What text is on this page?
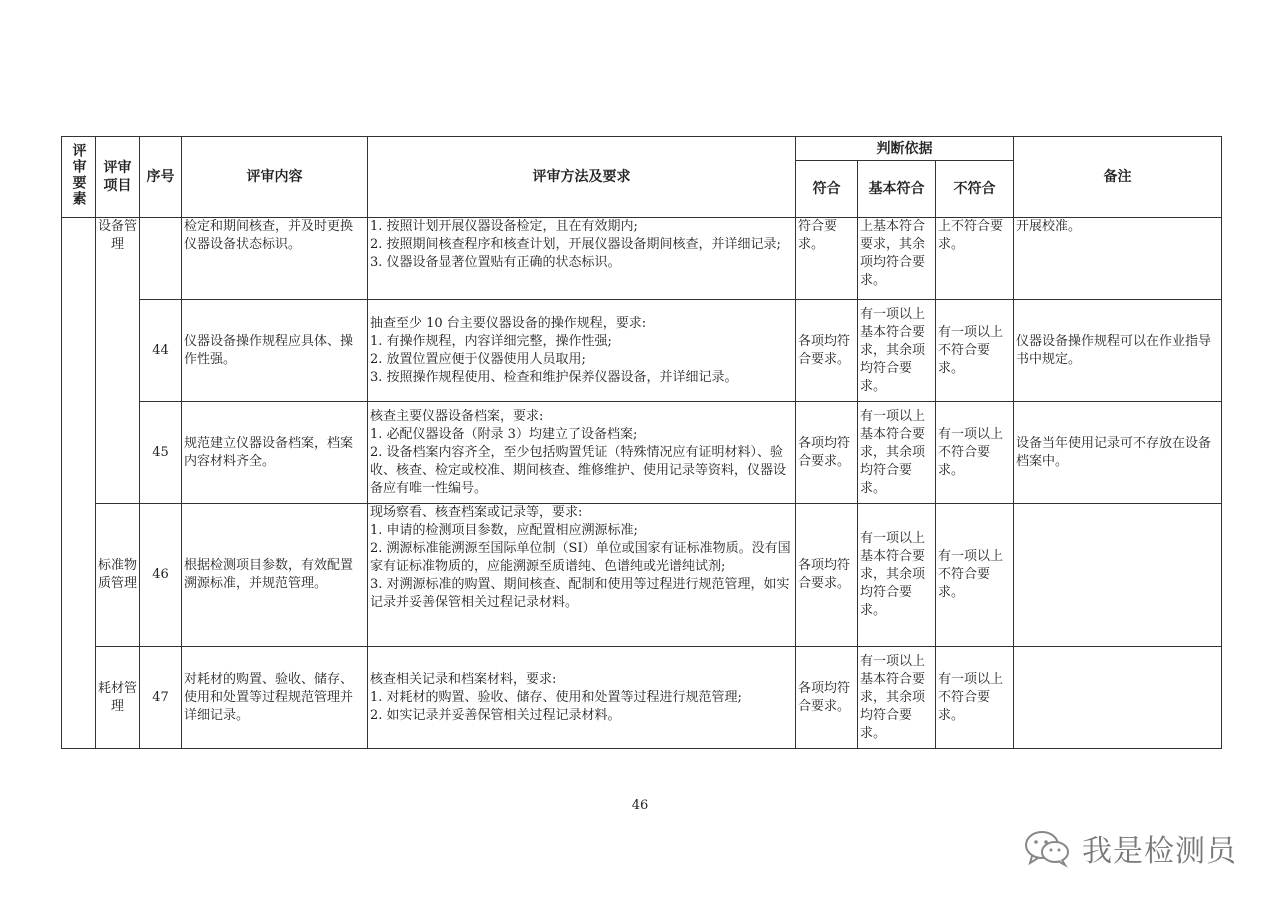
评审要素	评审项目	序号	评审内容	评审方法及要求	判断依据			备注
					符合	基本符合	不符合	
	设备管理		检定和期间核查，并及时更换仪器设备状态标识。	1. 按照计划开展仪器设备检定，且在有效期内;
2. 按照期间核查程序和核查计划，开展仪器设备期间核查，并详细记录;
3. 仪器设备显著位置贴有正确的状态标识。	符合要求。	上基本符合要求，其余项均符合要求。	上不符合要求。	开展校准。
		44	仪器设备操作规程应具体、操作性强。	抽查至少 10 台主要仪器设备的操作规程，要求:
1. 有操作规程，内容详细完整，操作性强;
2. 放置位置应便于仪器使用人员取用;
3. 按照操作规程使用、检查和维护保养仪器设备，并详细记录。	各项均符合要求。	有一项以上基本符合要求，其余项均符合要求。	有一项以上不符合要求。	仪器设备操作规程可以在作业指导书中规定。
		45	规范建立仪器设备档案，档案内容材料齐全。	核查主要仪器设备档案，要求:
1. 必配仪器设备（附录 3）均建立了设备档案;
2. 设备档案内容齐全，至少包括购置凭证（特殊情况应有证明材料）、验收、核查、检定或校准、期间核查、维修维护、使用记录等资料，仪器设备应有唯一性编号。	各项均符合要求。	有一项以上基本符合要求，其余项均符合要求。	有一项以上不符合要求。	设备当年使用记录可不存放在设备档案中。
	标准物质管理	46	根据检测项目参数，有效配置溯源标准，并规范管理。	现场察看、核查档案或记录等，要求:
1. 申请的检测项目参数，应配置相应溯源标准;
2. 溯源标准能溯源至国际单位制（SI）单位或国家有证标准物质。没有国家有证标准物质的，应能溯源至质谱纯、色谱纯或光谱纯试剂;
3. 对溯源标准的购置、期间核查、配制和使用等过程进行规范管理，如实记录并妥善保管相关过程记录材料。	各项均符合要求。	有一项以上基本符合要求，其余项均符合要求。	有一项以上不符合要求。	
	耗材管理	47	对耗材的购置、验收、储存、使用和处置等过程规范管理并详细记录。	核查相关记录和档案材料，要求:
1. 对耗材的购置、验收、储存、使用和处置等过程进行规范管理;
2. 如实记录并妥善保管相关过程记录材料。	各项均符合要求。	有一项以上基本符合要求，其余项均符合要求。	有一项以上不符合要求。	
46
我是检测员
